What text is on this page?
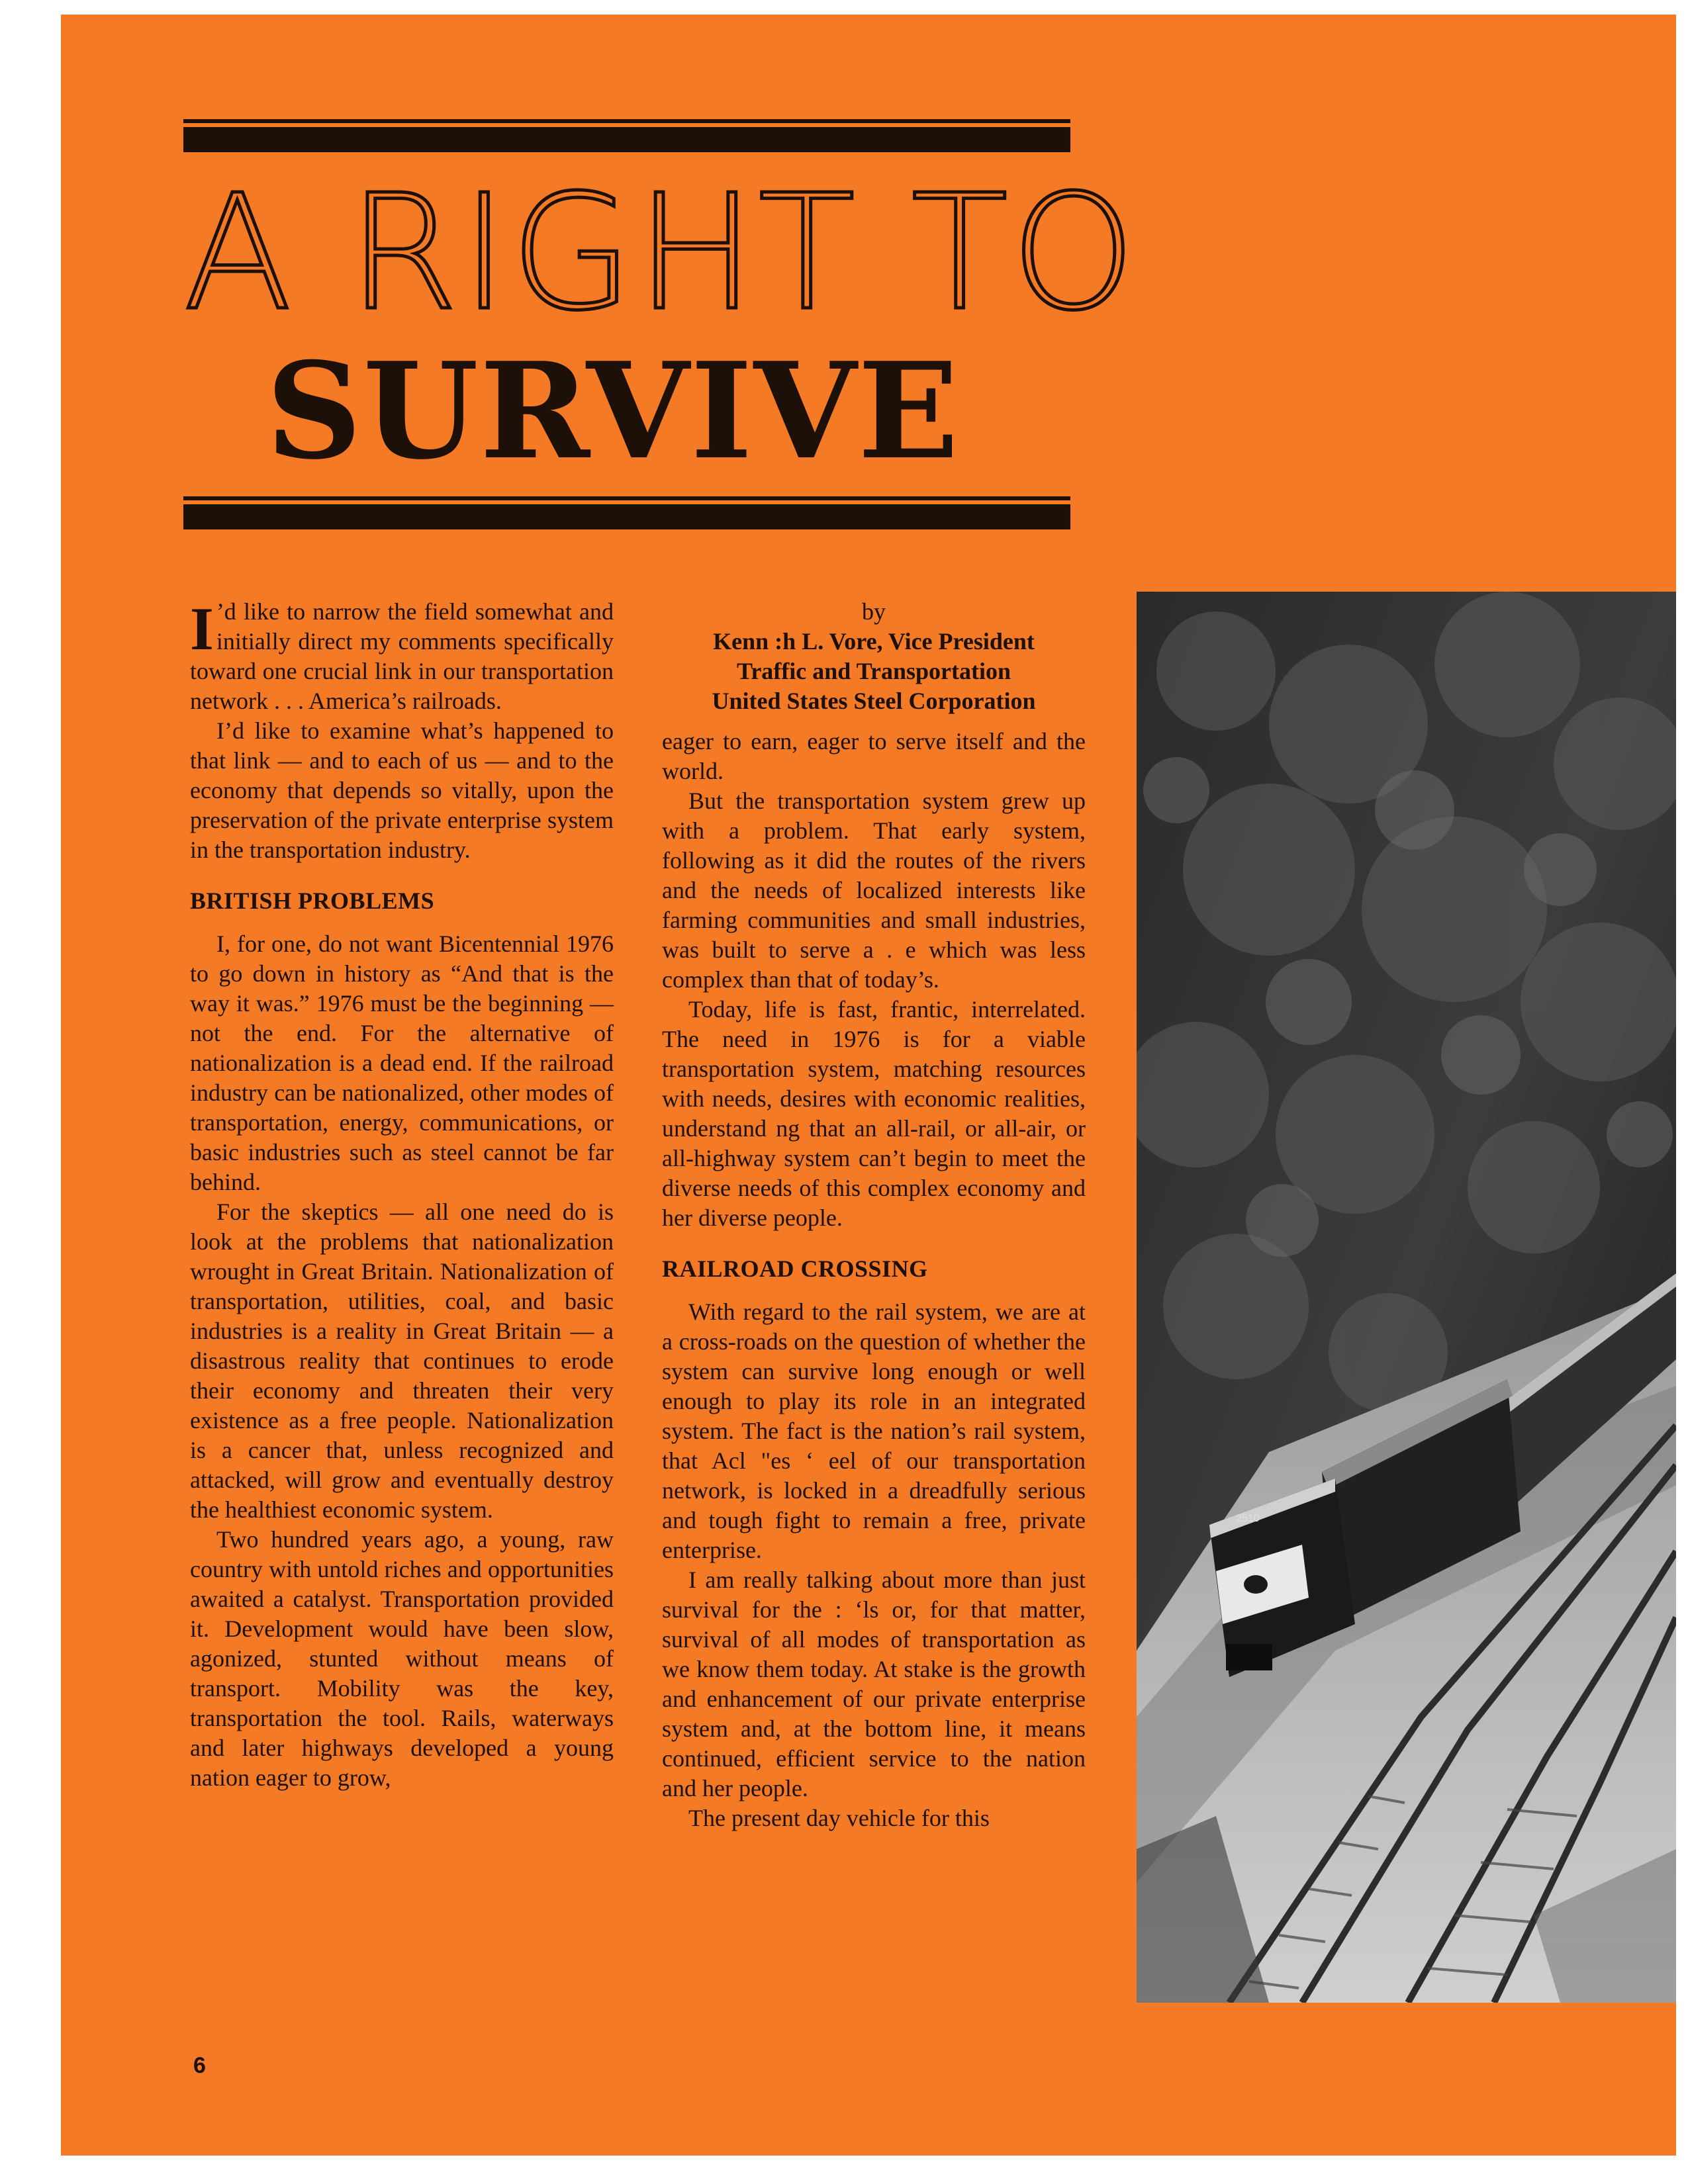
A RIGHT TO
SURVIVE

I ’d like to narrow the field somewhat and initially direct my comments specifically toward one crucial link in our transportation network . . . America’s railroads.

I’d like to examine what’s happened to that link — and to each of us — and to the economy that depends so vitally, upon the preservation of the private enterprise system in the transportation industry.

BRITISH PROBLEMS

I, for one, do not want Bicentennial 1976 to go down in history as “And that is the way it was.” 1976 must be the beginning — not the end. For the alternative of nationalization is a dead end. If the railroad industry can be nationalized, other modes of transportation, energy, communications, or basic industries such as steel cannot be far behind.

For the skeptics — all one need do is look at the problems that nationalization wrought in Great Britain. Nationalization of transportation, utilities, coal, and basic industries is a reality in Great Britain — a disastrous reality that continues to erode their economy and threaten their very existence as a free people. Nationalization is a cancer that, unless recognized and attacked, will grow and eventually destroy the healthiest economic system.

Two hundred years ago, a young, raw country with untold riches and opportunities awaited a catalyst. Transportation provided it. Development would have been slow, agonized, stunted without means of transport. Mobility was the key, transportation the tool. Rails, waterways and later highways developed a young nation eager to grow,

by
Kenn :h L. Vore, Vice President
Traffic and Transportation
United States Steel Corporation

eager to earn, eager to serve itself and the world.

But the transportation system grew up with a problem. That early system, following as it did the routes of the rivers and the needs of localized interests like farming communities and small industries, was built to serve a . e which was less complex than that of today’s.

Today, life is fast, frantic, interrelated. The need in 1976 is for a viable transportation system, matching resources with needs, desires with economic realities, understand ng that an all-rail, or all-air, or all-highway system can’t begin to meet the diverse needs of this complex economy and her diverse people.

RAILROAD CROSSING

With regard to the rail system, we are at a cross-roads on the question of whether the system can survive long enough or well enough to play its role in an integrated system. The fact is the nation’s rail system, that Acl "es ‘ eel of our transportation network, is locked in a dreadfully serious and tough fight to remain a free, private enterprise.

I am really talking about more than just survival for the : ‘ls or, for that matter, survival of all modes of transportation as we know them today. At stake is the growth and enhancement of our private enterprise system and, at the bottom line, it means continued, efficient service to the nation and her people.

The present day vehicle for this

2510
6
